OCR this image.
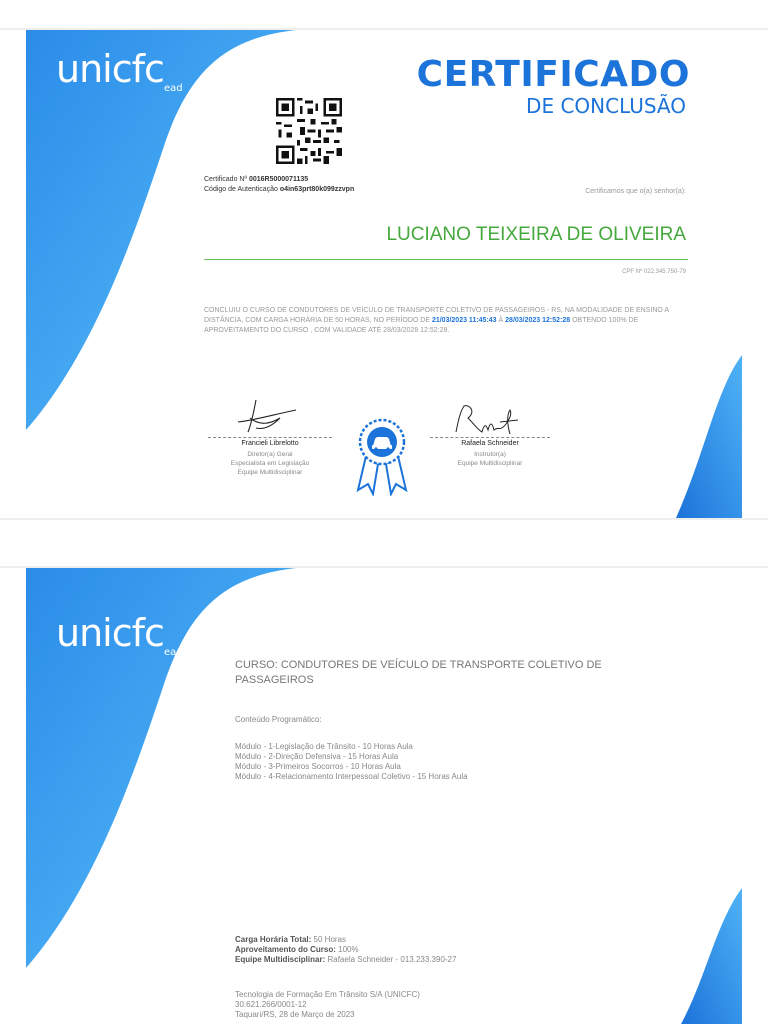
unicfc ead	CERTIFICADO
DE CONCLUSÃO
Certificado Nº 0016R5000071135
Código de Autenticação o4in63prt80k099zzvpn	Certificamos que o(a) senhor(a):
LUCIANO TEIXEIRA DE OLIVEIRA
CPF Nº 022.345.750-79
CONCLUIU O CURSO DE CONDUTORES DE VEÍCULO DE TRANSPORTE COLETIVO DE PASSAGEIROS - RS, NA MODALIDADE DE ENSINO A DISTÂNCIA, COM CARGA HORÁRIA DE 50 HORAS, NO PERÍODO DE 21/03/2023 11:45:43 À 28/03/2023 12:52:28 OBTENDO 100% DE APROVEITAMENTO DO CURSO , COM VALIDADE ATÉ 28/03/2028 12:52:28.
Francieli Librelotto
Diretor(a) Geral
Especialista em Legislação
Equipe Multidisciplinar
Rafaela Schneider
Instrutor(a)
Equipe Multidisciplinar
unicfc ead
CURSO: CONDUTORES DE VEÍCULO DE TRANSPORTE COLETIVO DE PASSAGEIROS
Conteúdo Programático:
Módulo - 1-Legislação de Trânsito - 10 Horas Aula
Módulo - 2-Direção Defensiva - 15 Horas Aula
Módulo - 3-Primeiros Socorros - 10 Horas Aula
Módulo - 4-Relacionamento Interpessoal Coletivo - 15 Horas Aula
Carga Horária Total: 50 Horas
Aproveitamento do Curso: 100%
Equipe Multidisciplinar: Rafaela Schneider - 013.233.390-27
Tecnologia de Formação Em Trânsito S/A (UNICFC)
30.621.266/0001-12
Taquari/RS, 28 de Março de 2023
